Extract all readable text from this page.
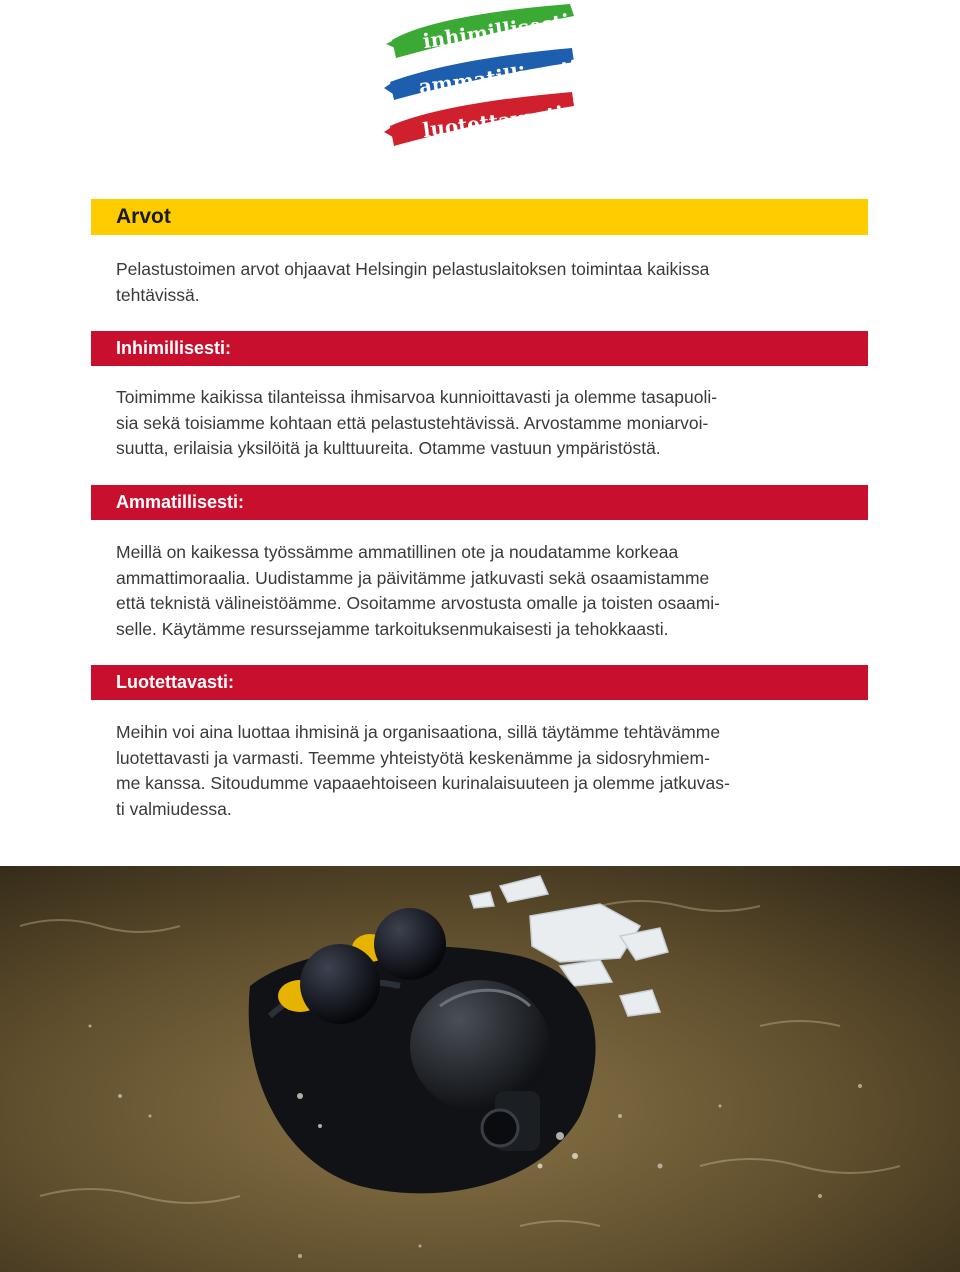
inhimillisesti
ammatillisesti
luotettavasti
Arvot

Pelastustoimen arvot ohjaavat Helsingin pelastuslaitoksen toimintaa kaikissa
tehtävissä.

Inhimillisesti:

Toimimme kaikissa tilanteissa ihmisarvoa kunnioittavasti ja olemme tasapuoli-
sia sekä toisiamme kohtaan että pelastustehtävissä. Arvostamme moniarvoi-
suutta, erilaisia yksilöitä ja kulttuureita. Otamme vastuun ympäristöstä.

Ammatillisesti:

Meillä on kaikessa työssämme ammatillinen ote ja noudatamme korkeaa
ammattimoraalia. Uudistamme ja päivitämme jatkuvasti sekä osaamistamme
että teknistä välineistöämme. Osoitamme arvostusta omalle ja toisten osaami-
selle. Käytämme resurssejamme tarkoituksenmukaisesti ja tehokkaasti.

Luotettavasti:

Meihin voi aina luottaa ihmisinä ja organisaationa, sillä täytämme tehtävämme
luotettavasti ja varmasti. Teemme yhteistyötä keskenämme ja sidosryhmiem-
me kanssa. Sitoudumme vapaaehtoiseen kurinalaisuuteen ja olemme jatkuvas-
ti valmiudessa.
